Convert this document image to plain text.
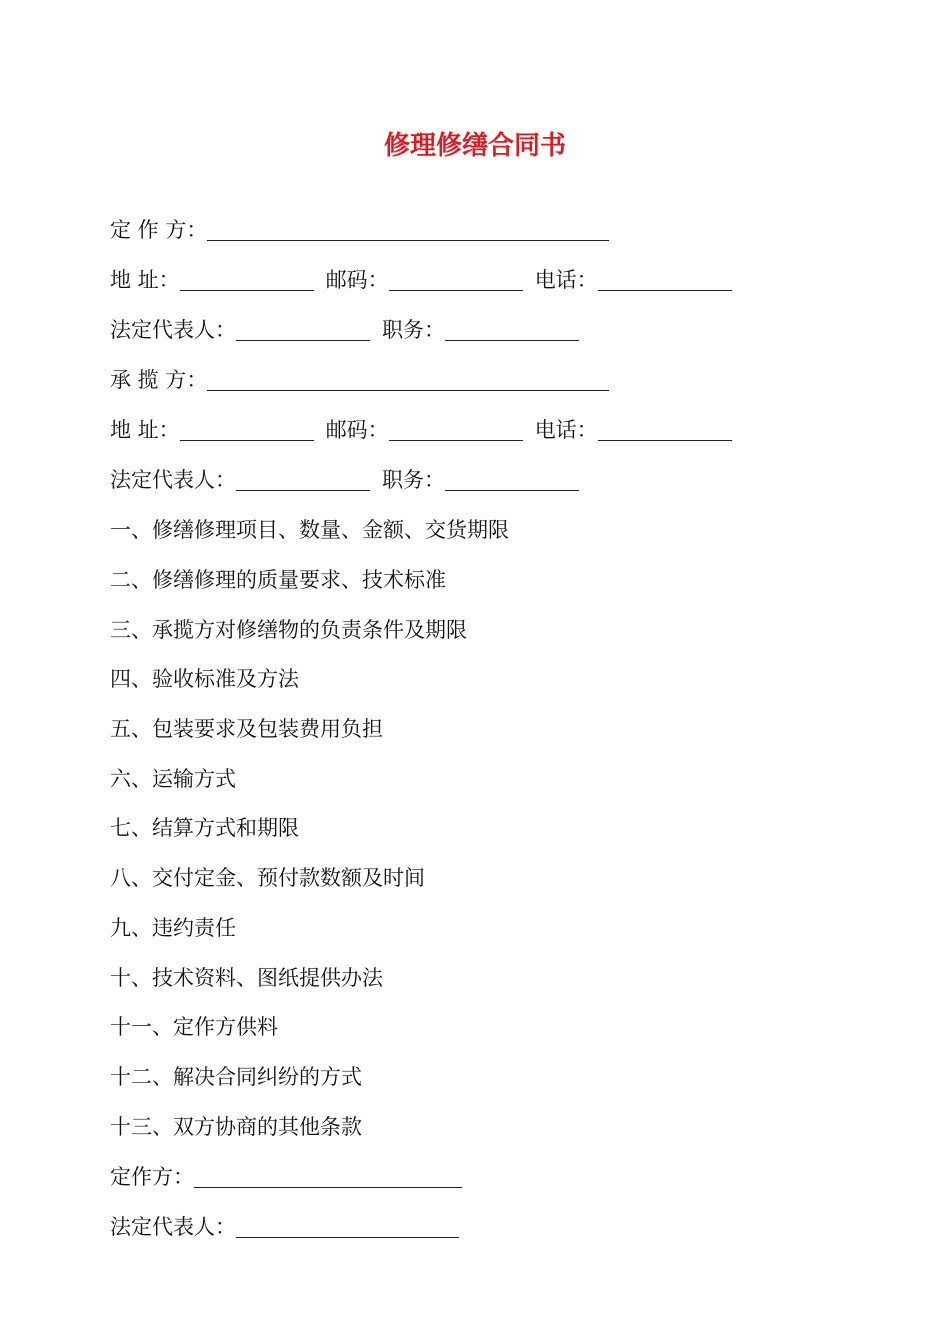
修理修缮合同书
定 作 方：
地 址：	邮码：	电话：
法定代表人：	职务：
承 揽 方：
地 址：	邮码：	电话：
法定代表人：	职务：
一、修缮修理项目、数量、金额、交货期限
二、修缮修理的质量要求、技术标准
三、承揽方对修缮物的负责条件及期限
四、验收标准及方法
五、包装要求及包装费用负担
六、运输方式
七、结算方式和期限
八、交付定金、预付款数额及时间
九、违约责任
十、技术资料、图纸提供办法
十一、定作方供料
十二、解决合同纠纷的方式
十三、双方协商的其他条款
定作方：
法定代表人：
